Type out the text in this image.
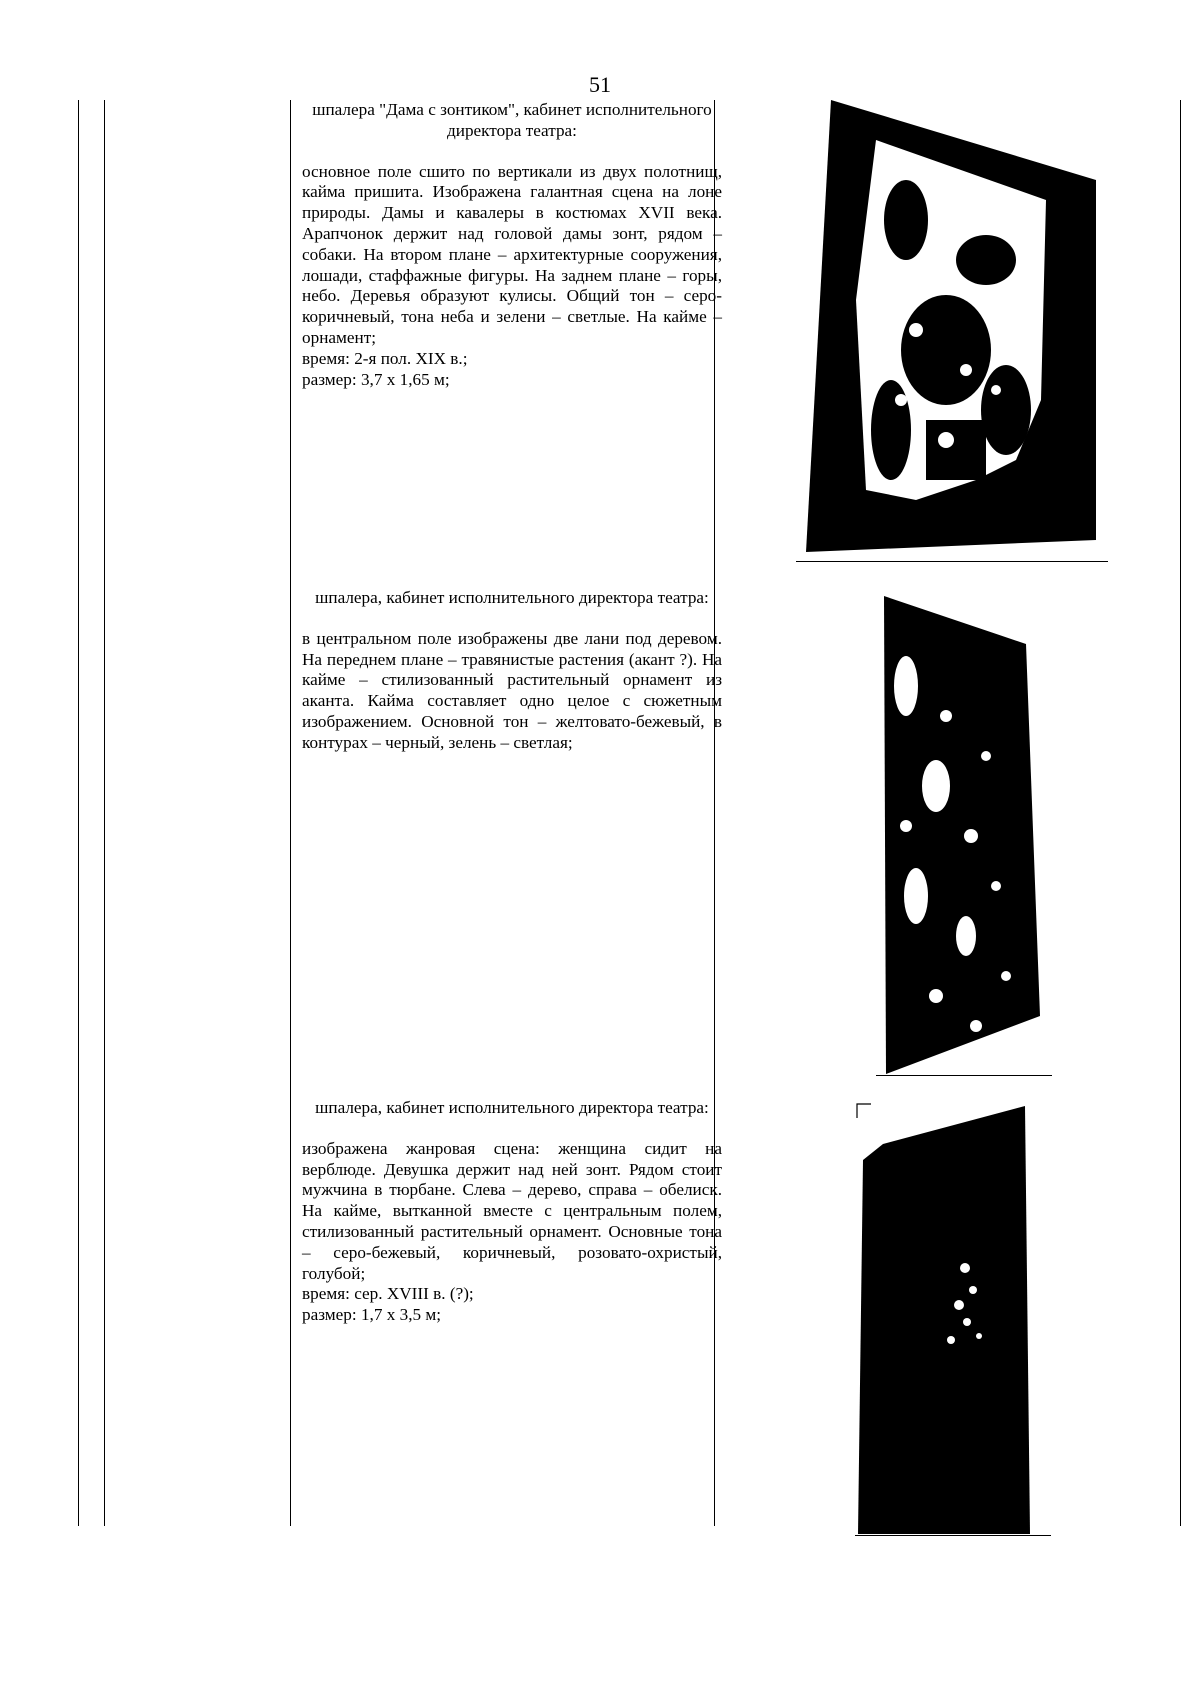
51

шпалера "Дама с зонтиком", кабинет исполнительного директора театра:

основное поле сшито по вертикали из двух полотнищ, кайма пришита. Изображена галантная сцена на лоне природы. Дамы и кавалеры в костюмах XVII века. Арапчонок держит над головой дамы зонт, рядом – собаки. На втором плане – архитектурные сооружения, лошади, стаффажные фигуры. На заднем плане – горы, небо. Деревья образуют кулисы. Общий тон – серо-коричневый, тона неба и зелени – светлые. На кайме – орнамент;

время: 2-я пол. XIX в.;

размер: 3,7 х 1,65 м;

шпалера, кабинет исполнительного директора театра:

в центральном поле изображены две лани под деревом. На переднем плане – травянистые растения (акант ?). На кайме – стилизованный растительный орнамент из аканта. Кайма составляет одно целое с сюжетным изображением. Основной тон – желтовато-бежевый, в контурах – черный, зелень – светлая;

шпалера, кабинет исполнительного директора театра:

изображена жанровая сцена: женщина сидит на верблюде. Девушка держит над ней зонт. Рядом стоит мужчина в тюрбане. Слева – дерево, справа – обелиск. На кайме, вытканной вместе с центральным полем, стилизованный растительный орнамент. Основные тона – серо-бежевый, коричневый, розовато-охристый, голубой;

время: сер. XVIII в. (?);

размер: 1,7 х 3,5 м;
